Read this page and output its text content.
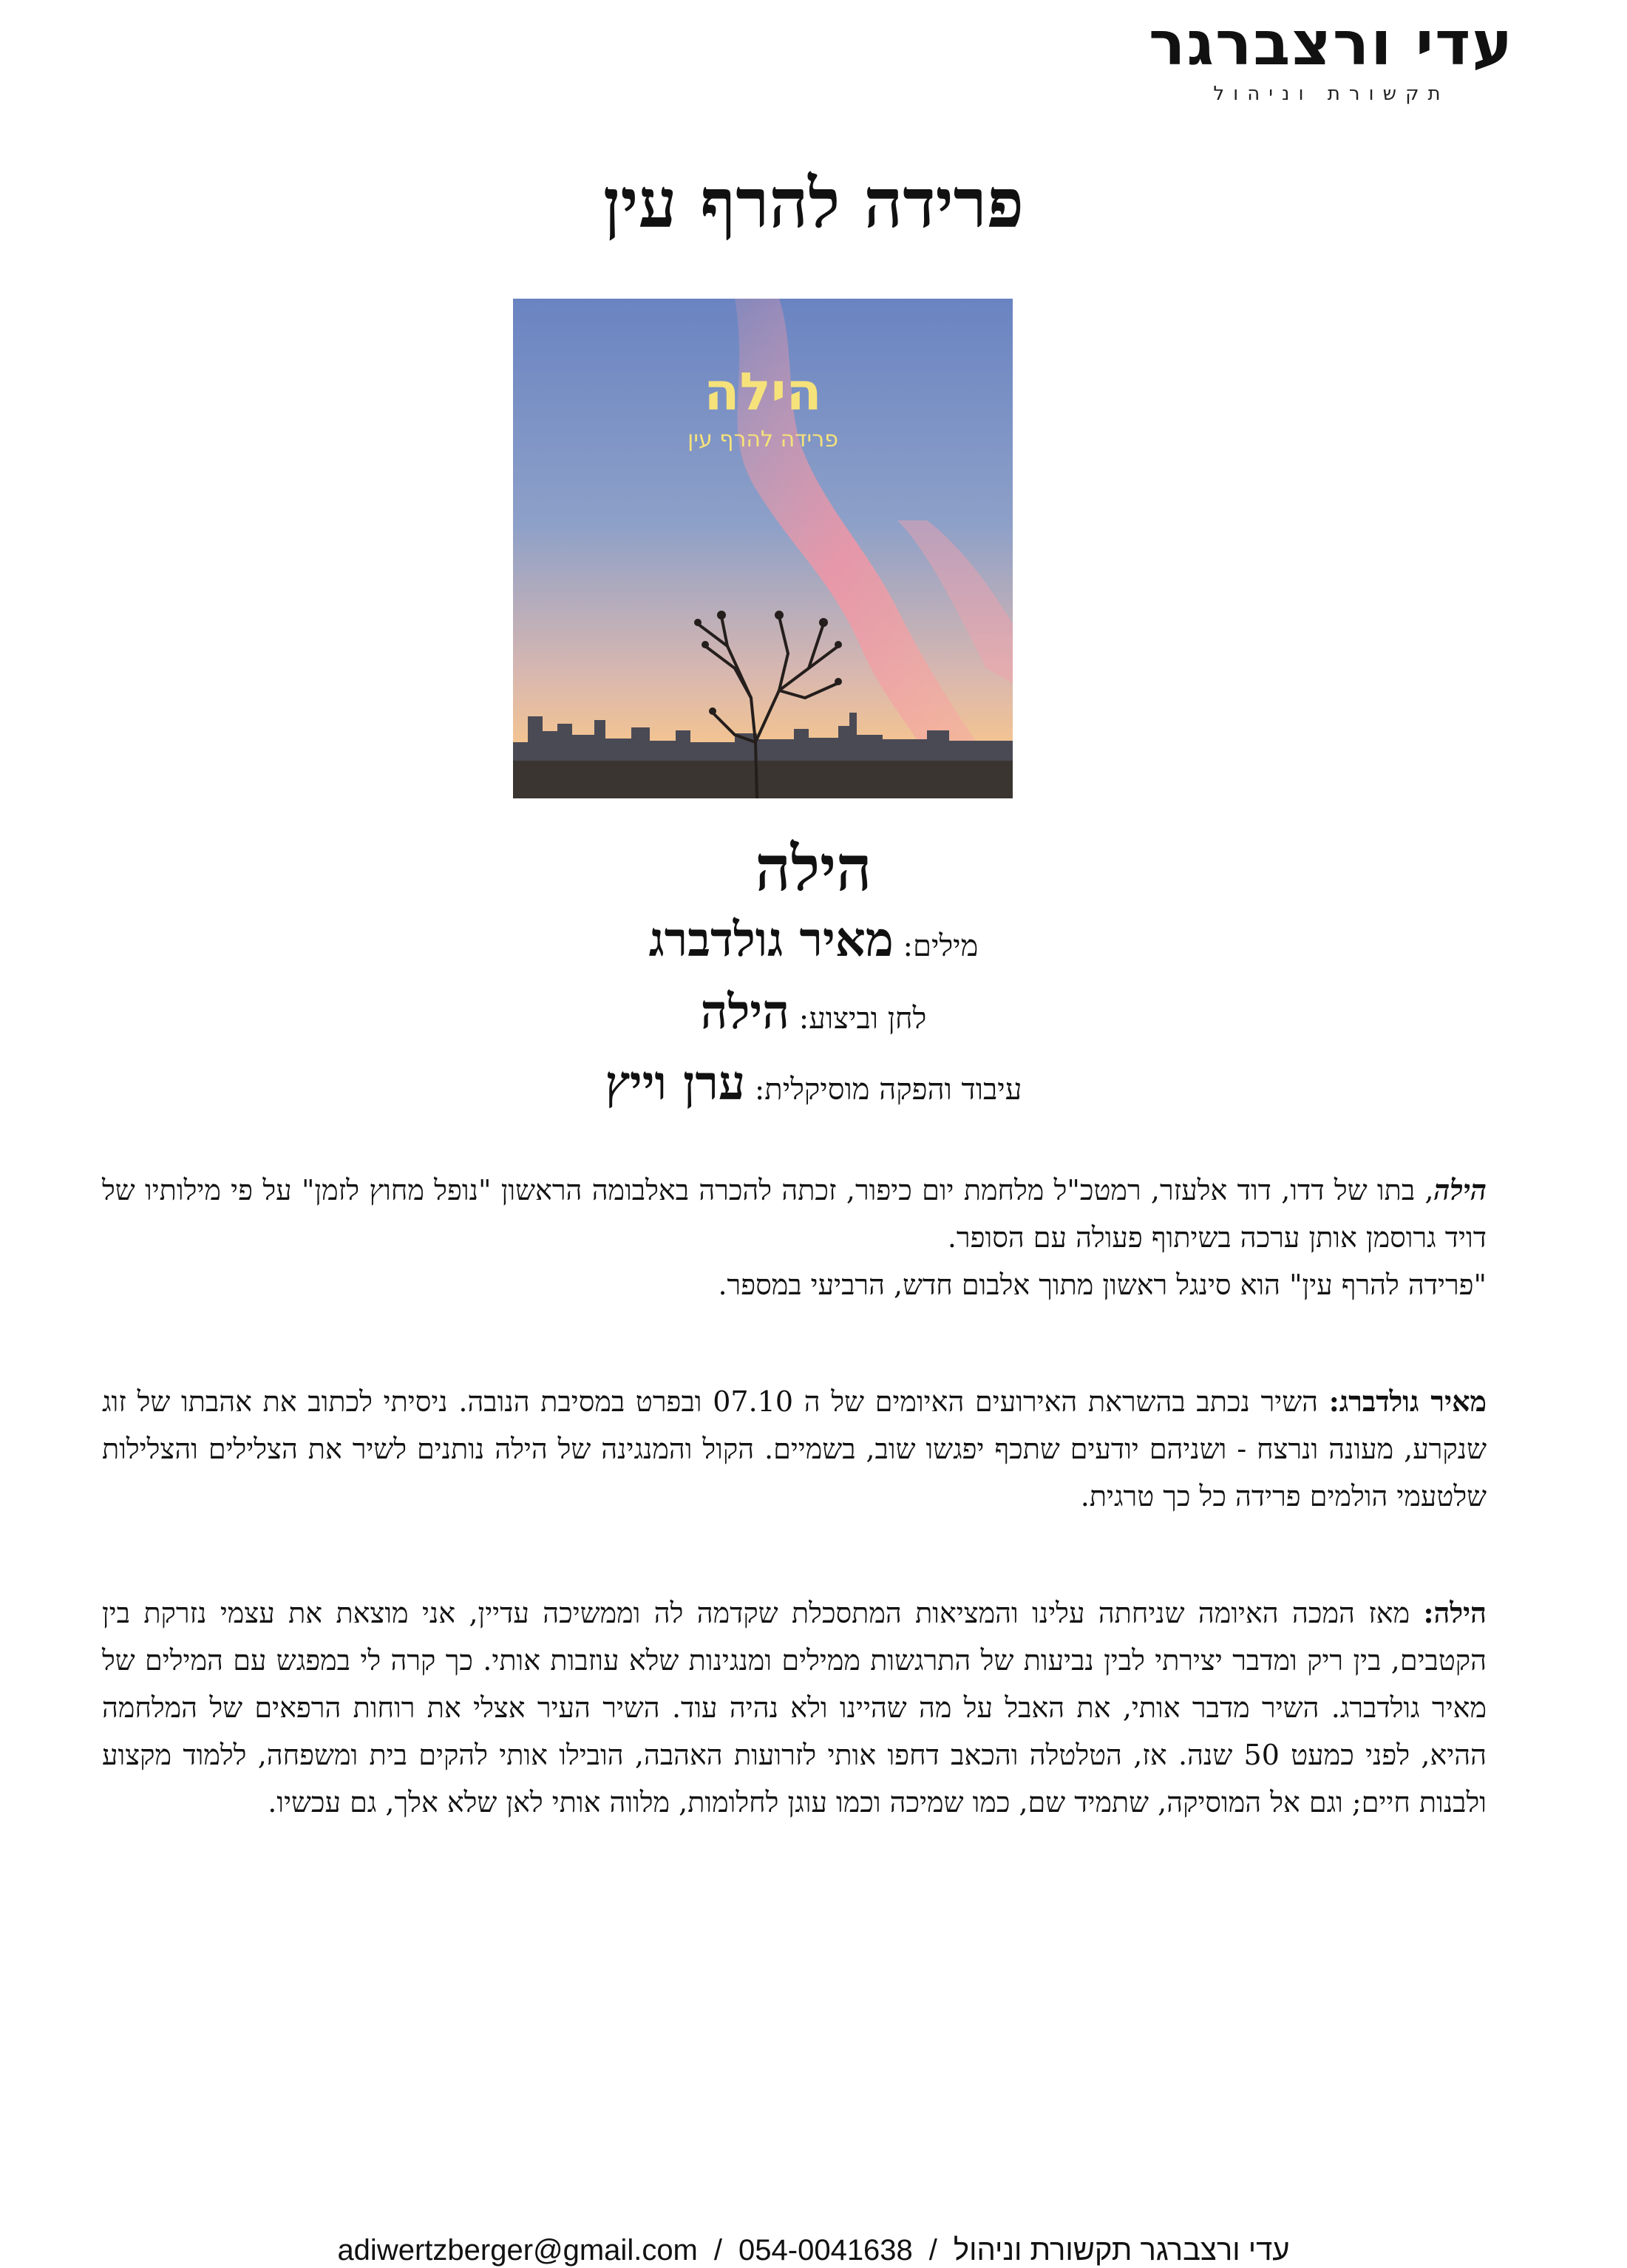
עדי ורצברגר
תקשורת וניהול
פרידה להרף עין
הילה
פרידה להרף עין
הילה
מילים: מאיר גולדברג
לחן וביצוע: הילה
עיבוד והפקה מוסיקלית: ערן וייץ

הילה, בתו של דדו, דוד אלעזר, רמטכ"ל מלחמת יום כיפור, זכתה להכרה באלבומה הראשון "נופל מחוץ לזמן" על פי מילותיו של דויד גרוסמן אותן ערכה בשיתוף פעולה עם הסופר.
"פרידה להרף עין" הוא סינגל ראשון מתוך אלבום חדש, הרביעי במספר.

מאיר גולדברג: השיר נכתב בהשראת האירועים האיומים של ה 07.10 ובפרט במסיבת הנובה. ניסיתי לכתוב את אהבתו של זוג שנקרע, מעונה ונרצח - ושניהם יודעים שתכף יפגשו שוב, בשמיים. הקול והמנגינה של הילה נותנים לשיר את הצלילים והצלילות שלטעמי הולמים פרידה כל כך טרגית.

הילה: מאז המכה האיומה שניחתה עלינו והמציאות המתסכלת שקדמה לה וממשיכה עדיין, אני מוצאת את עצמי נזרקת בין הקטבים, בין ריק ומדבר יצירתי לבין נביעות של התרגשות ממילים ומנגינות שלא עוזבות אותי. כך קרה לי במפגש עם המילים של מאיר גולדברג. השיר מדבר אותי, את האבל על מה שהיינו ולא נהיה עוד. השיר העיר אצלי את רוחות הרפאים של המלחמה ההיא, לפני כמעט 50 שנה. אז, הטלטלה והכאב דחפו אותי לזרועות האהבה, הובילו אותי להקים בית ומשפחה, ללמוד מקצוע ולבנות חיים; וגם אל המוסיקה, שתמיד שם, כמו שמיכה וכמו עוגן לחלומות, מלווה אותי לאן שלא אלך, גם עכשיו.

adiwertzberger@gmail.com / 054-0041638 / עדי ורצברגר תקשורת וניהול
